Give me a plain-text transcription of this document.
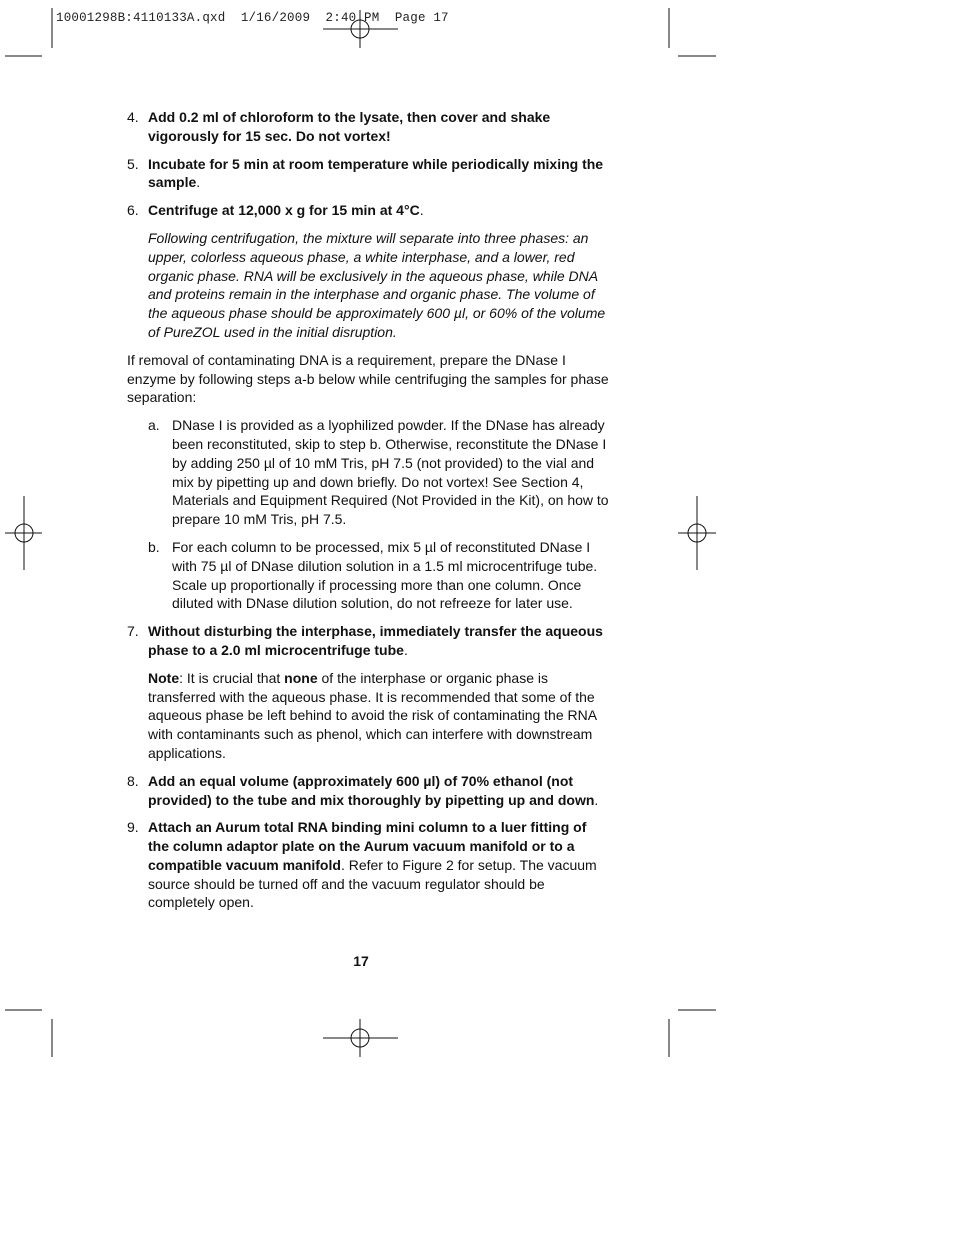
10001298B:4110133A.qxd  1/16/2009  2:40 PM  Page 17
4. Add 0.2 ml of chloroform to the lysate, then cover and shake vigorously for 15 sec. Do not vortex!
5. Incubate for 5 min at room temperature while periodically mixing the sample.
6. Centrifuge at 12,000 x g for 15 min at 4°C.
Following centrifugation, the mixture will separate into three phases: an upper, colorless aqueous phase, a white interphase, and a lower, red organic phase. RNA will be exclusively in the aqueous phase, while DNA and proteins remain in the interphase and organic phase. The volume of the aqueous phase should be approximately 600 µl, or 60% of the volume of PureZOL used in the initial disruption.
If removal of contaminating DNA is a requirement, prepare the DNase I enzyme by following steps a-b below while centrifuging the samples for phase separation:
a. DNase I is provided as a lyophilized powder. If the DNase has already been reconstituted, skip to step b. Otherwise, reconstitute the DNase I by adding 250 µl of 10 mM Tris, pH 7.5 (not provided) to the vial and mix by pipetting up and down briefly. Do not vortex! See Section 4, Materials and Equipment Required (Not Provided in the Kit), on how to prepare 10 mM Tris, pH 7.5.
b. For each column to be processed, mix 5 µl of reconstituted DNase I with 75 µl of DNase dilution solution in a 1.5 ml microcentrifuge tube. Scale up proportionally if processing more than one column. Once diluted with DNase dilution solution, do not refreeze for later use.
7. Without disturbing the interphase, immediately transfer the aqueous phase to a 2.0 ml microcentrifuge tube.
Note: It is crucial that none of the interphase or organic phase is transferred with the aqueous phase. It is recommended that some of the aqueous phase be left behind to avoid the risk of contaminating the RNA with contaminants such as phenol, which can interfere with downstream applications.
8. Add an equal volume (approximately 600 µl) of 70% ethanol (not provided) to the tube and mix thoroughly by pipetting up and down.
9. Attach an Aurum total RNA binding mini column to a luer fitting of the column adaptor plate on the Aurum vacuum manifold or to a compatible vacuum manifold. Refer to Figure 2 for setup. The vacuum source should be turned off and the vacuum regulator should be completely open.
17
